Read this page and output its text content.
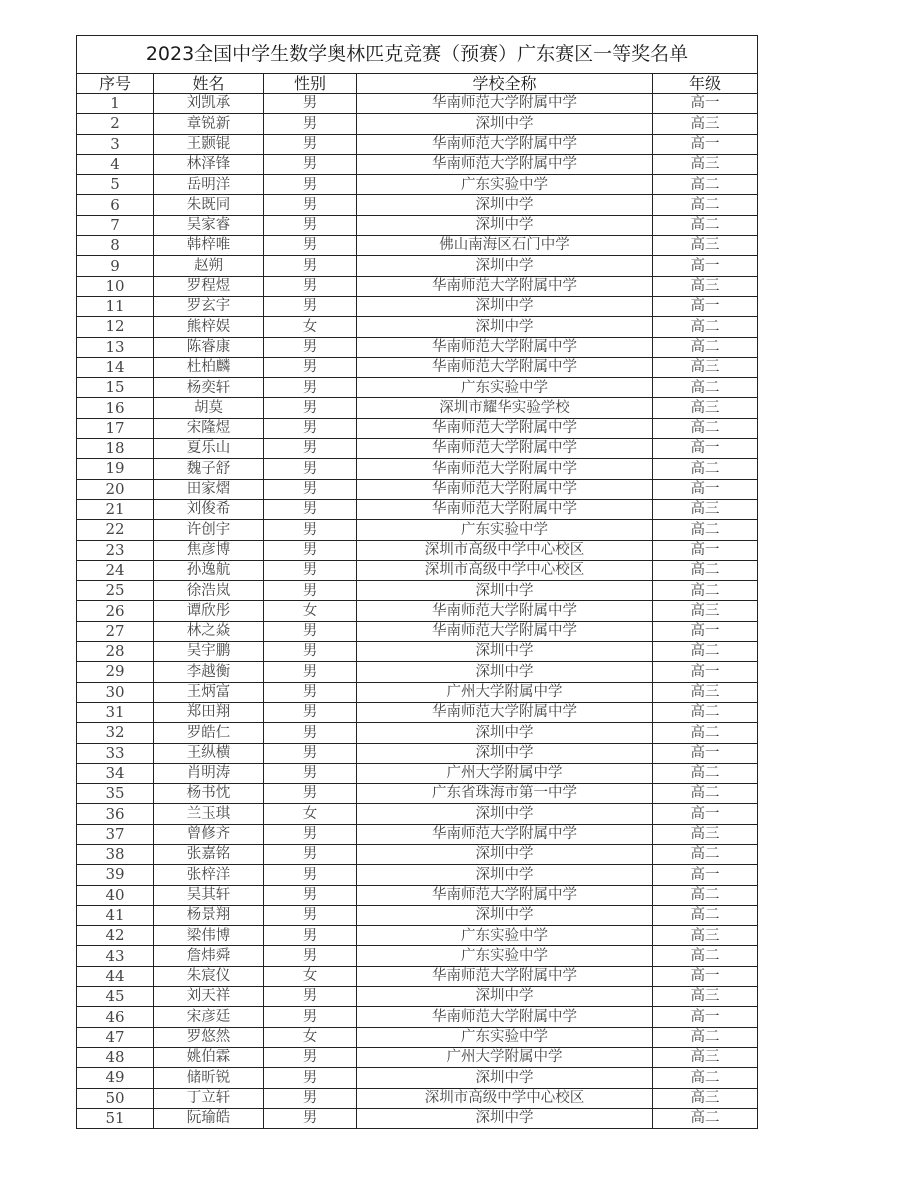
2023全国中学生数学奥林匹克竞赛（预赛）广东赛区一等奖名单				
序号	姓名	性别	学校全称	年级
1	刘凯承	男	华南师范大学附属中学	高一
2	章锐新	男	深圳中学	高三
3	王颢锟	男	华南师范大学附属中学	高一
4	林泽锋	男	华南师范大学附属中学	高三
5	岳明洋	男	广东实验中学	高二
6	朱既同	男	深圳中学	高二
7	吴家睿	男	深圳中学	高二
8	韩梓唯	男	佛山南海区石门中学	高三
9	赵朔	男	深圳中学	高一
10	罗程煜	男	华南师范大学附属中学	高三
11	罗玄宇	男	深圳中学	高一
12	熊梓娱	女	深圳中学	高二
13	陈睿康	男	华南师范大学附属中学	高二
14	杜柏麟	男	华南师范大学附属中学	高三
15	杨奕轩	男	广东实验中学	高二
16	胡莫	男	深圳市耀华实验学校	高三
17	宋隆煜	男	华南师范大学附属中学	高二
18	夏乐山	男	华南师范大学附属中学	高一
19	魏子舒	男	华南师范大学附属中学	高二
20	田家熠	男	华南师范大学附属中学	高一
21	刘俊希	男	华南师范大学附属中学	高三
22	许创宇	男	广东实验中学	高二
23	焦彦博	男	深圳市高级中学中心校区	高一
24	孙逸航	男	深圳市高级中学中心校区	高二
25	徐浩岚	男	深圳中学	高二
26	谭欣彤	女	华南师范大学附属中学	高三
27	林之焱	男	华南师范大学附属中学	高一
28	吴宇鹏	男	深圳中学	高二
29	李越衡	男	深圳中学	高一
30	王炳富	男	广州大学附属中学	高三
31	郑田翔	男	华南师范大学附属中学	高二
32	罗皓仁	男	深圳中学	高二
33	王纵横	男	深圳中学	高一
34	肖明涛	男	广州大学附属中学	高二
35	杨书忱	男	广东省珠海市第一中学	高二
36	兰玉琪	女	深圳中学	高一
37	曾修齐	男	华南师范大学附属中学	高三
38	张嘉铭	男	深圳中学	高二
39	张梓洋	男	深圳中学	高一
40	吴其轩	男	华南师范大学附属中学	高二
41	杨景翔	男	深圳中学	高二
42	梁伟博	男	广东实验中学	高三
43	詹炜舜	男	广东实验中学	高二
44	朱宸仪	女	华南师范大学附属中学	高一
45	刘天祥	男	深圳中学	高三
46	宋彦廷	男	华南师范大学附属中学	高一
47	罗悠然	女	广东实验中学	高二
48	姚伯霖	男	广州大学附属中学	高三
49	储昕锐	男	深圳中学	高二
50	丁立轩	男	深圳市高级中学中心校区	高三
51	阮瑜皓	男	深圳中学	高二
